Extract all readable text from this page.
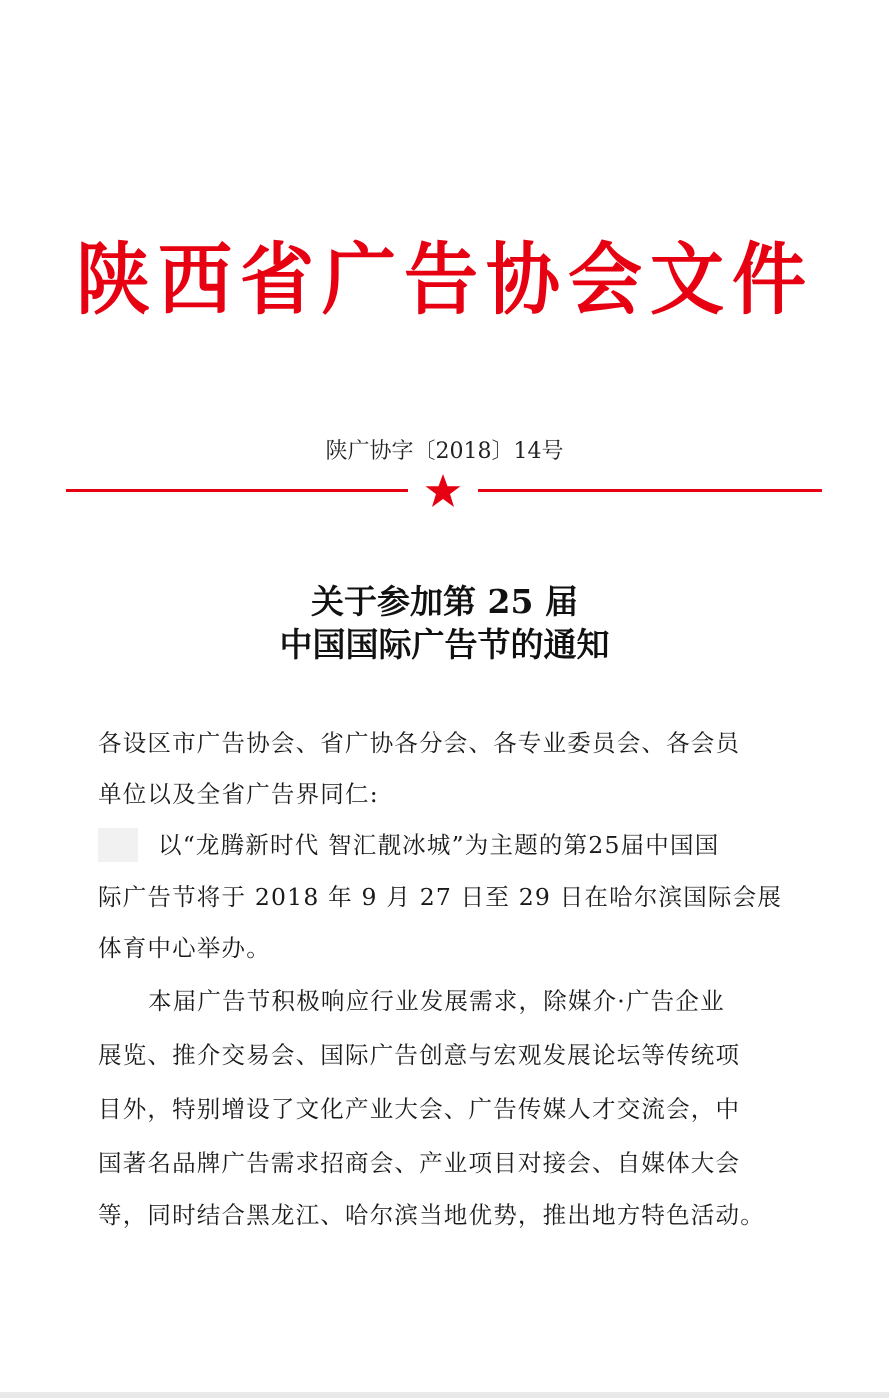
陕西省广告协会文件
陕广协字〔2018〕14号
关于参加第 25 届
中国国际广告节的通知
各设区市广告协会、省广协各分会、各专业委员会、各会员
单位以及全省广告界同仁:
以“龙腾新时代 智汇靓冰城”为主题的第25届中国国
际广告节将于 2018 年 9 月 27 日至 29 日在哈尔滨国际会展
体育中心举办。
本届广告节积极响应行业发展需求，除媒介·广告企业
展览、推介交易会、国际广告创意与宏观发展论坛等传统项
目外，特别增设了文化产业大会、广告传媒人才交流会，中
国著名品牌广告需求招商会、产业项目对接会、自媒体大会
等，同时结合黑龙江、哈尔滨当地优势，推出地方特色活动。
